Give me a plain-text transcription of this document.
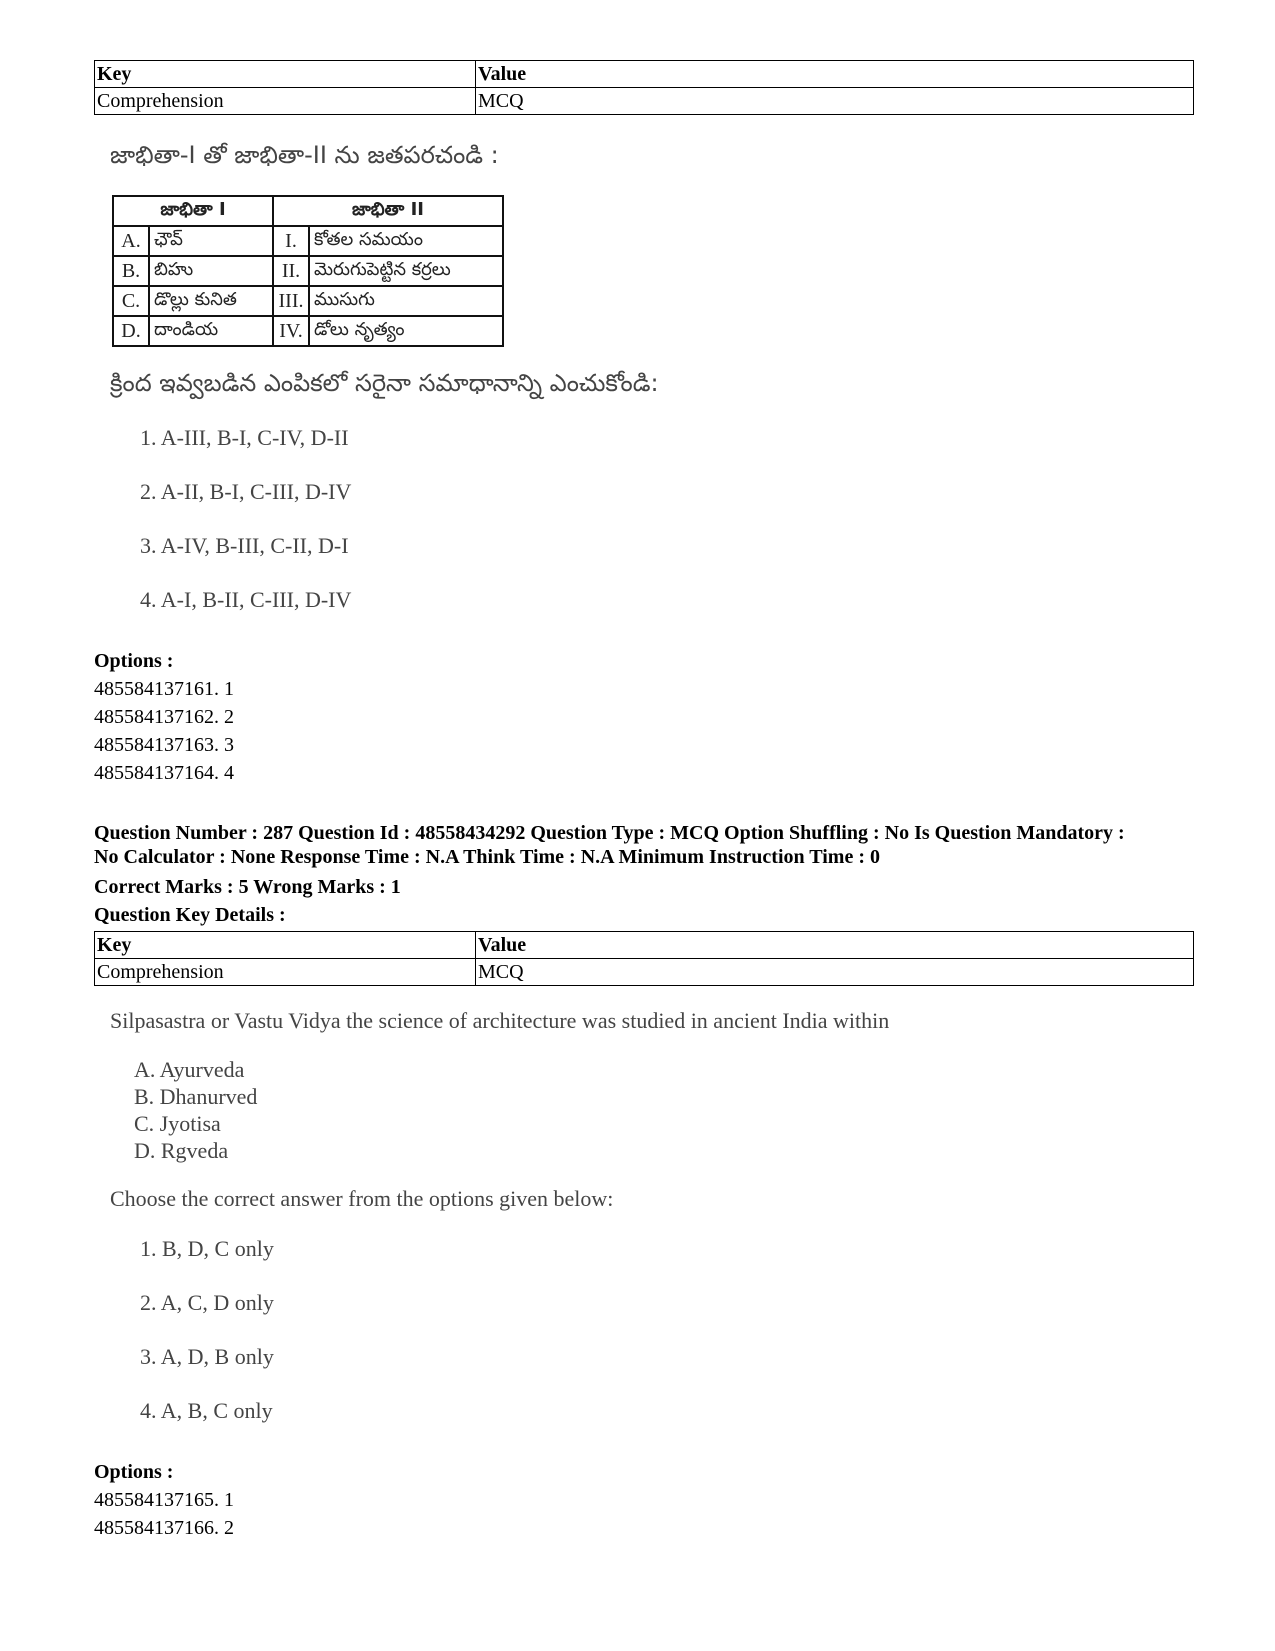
Key	Value
Comprehension	MCQ
జాభితా-I తో జాభితా-II ను జతపరచండి :
జాభితా I		జాభితా II	
A.	ఛౌవ్	I.	కోతల సమయం
B.	బిహు	II.	మెరుగుపెట్టిన కర్రలు
C.	డొల్లు కునిత	III.	ముసుగు
D.	దాండియ	IV.	డోలు నృత్యం
క్రింద ఇవ్వబడిన ఎంపికలో సరైనా సమాధానాన్ని ఎంచుకోండి:
1. A-III, B-I, C-IV, D-II
2. A-II, B-I, C-III, D-IV
3. A-IV, B-III, C-II, D-I
4. A-I, B-II, C-III, D-IV
Options :
485584137161. 1
485584137162. 2
485584137163. 3
485584137164. 4
Question Number : 287 Question Id : 48558434292 Question Type : MCQ Option Shuffling : No Is Question Mandatory :
No Calculator : None Response Time : N.A Think Time : N.A Minimum Instruction Time : 0
Correct Marks : 5 Wrong Marks : 1
Question Key Details :
Key	Value
Comprehension	MCQ
Silpasastra or Vastu Vidya the science of architecture was studied in ancient India within
A. Ayurveda
B. Dhanurved
C. Jyotisa
D. Rgveda
Choose the correct answer from the options given below:
1. B, D, C only
2. A, C, D only
3. A, D, B only
4. A, B, C only
Options :
485584137165. 1
485584137166. 2
